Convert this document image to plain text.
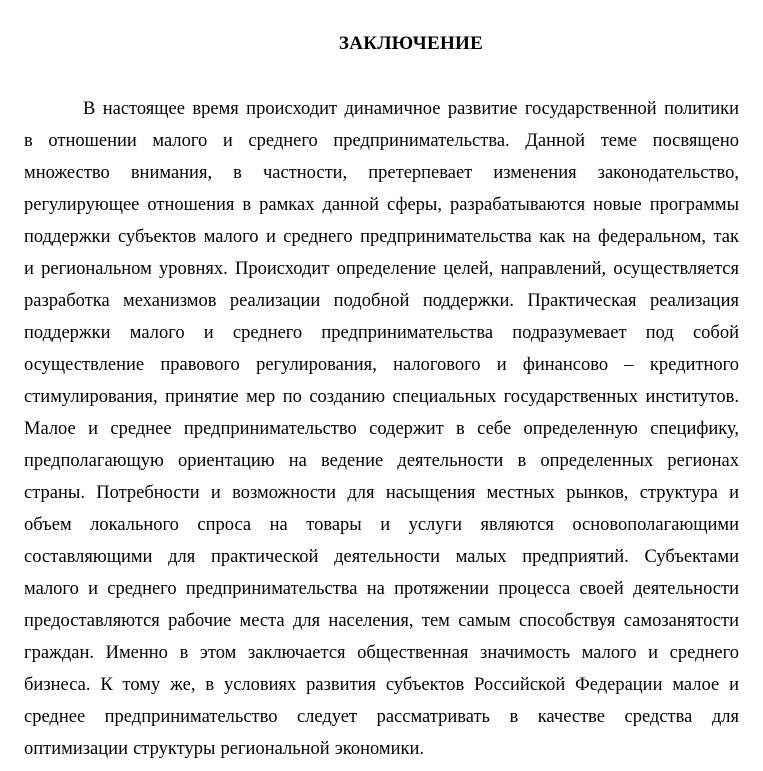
ЗАКЛЮЧЕНИЕ
В настоящее время происходит динамичное развитие государственной политики
в отношении малого и среднего предпринимательства. Данной теме посвящено
множество внимания, в частности, претерпевает изменения законодательство,
регулирующее отношения в рамках данной сферы, разрабатываются новые программы
поддержки субъектов малого и среднего предпринимательства как на федеральном, так
и региональном уровнях. Происходит определение целей, направлений, осуществляется
разработка механизмов реализации подобной поддержки. Практическая реализация
поддержки малого и среднего предпринимательства подразумевает под собой
осуществление правового регулирования, налогового и финансово – кредитного
стимулирования, принятие мер по созданию специальных государственных институтов.
Малое и среднее предпринимательство содержит в себе определенную специфику,
предполагающую ориентацию на ведение деятельности в определенных регионах
страны. Потребности и возможности для насыщения местных рынков, структура и
объем локального спроса на товары и услуги являются основополагающими
составляющими для практической деятельности малых предприятий. Субъектами
малого и среднего предпринимательства на протяжении процесса своей деятельности
предоставляются рабочие места для населения, тем самым способствуя самозанятости
граждан. Именно в этом заключается общественная значимость малого и среднего
бизнеса. К тому же, в условиях развития субъектов Российской Федерации малое и
среднее предпринимательство следует рассматривать в качестве средства для
оптимизации структуры региональной экономики.
